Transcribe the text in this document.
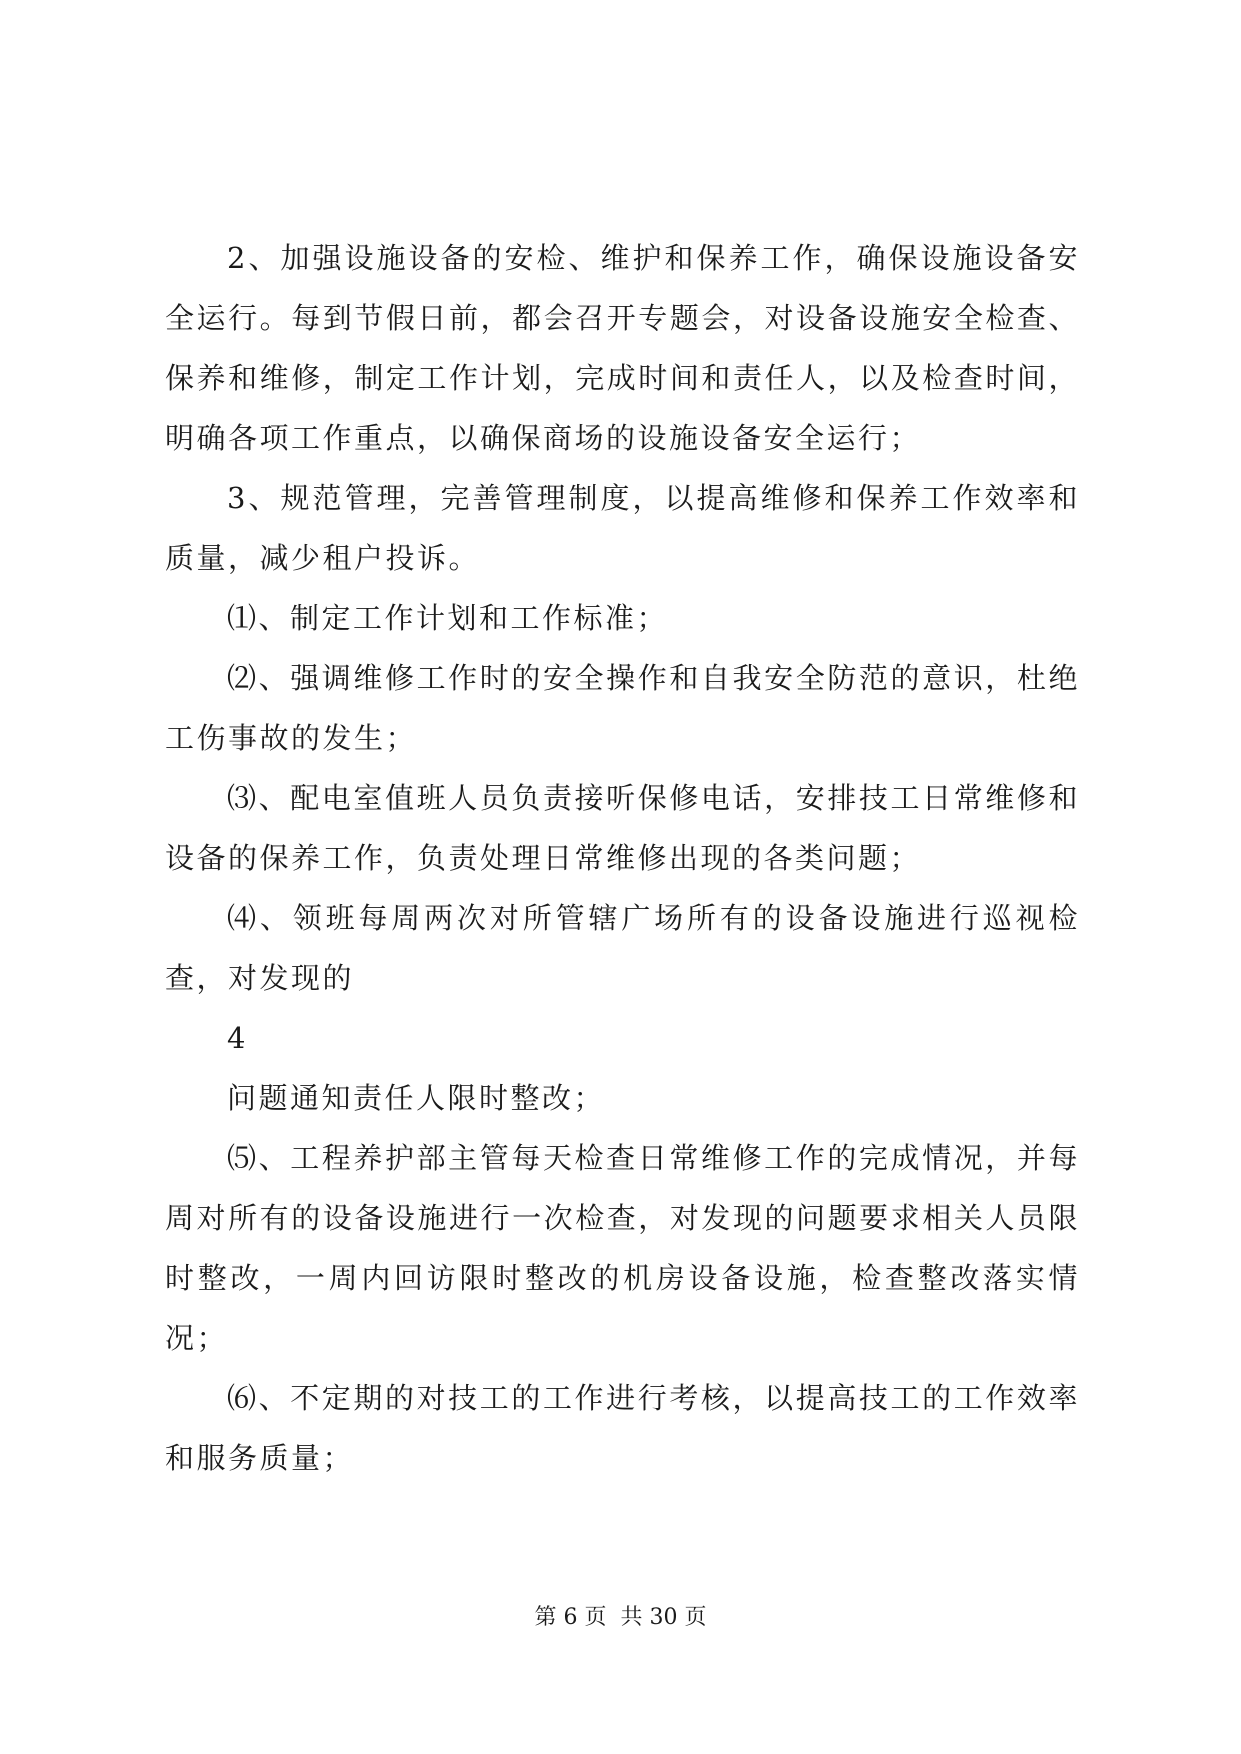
2、加强设施设备的安检、维护和保养工作，确保设施设备安全运行。每到节假日前，都会召开专题会，对设备设施安全检查、保养和维修，制定工作计划，完成时间和责任人，以及检查时间，明确各项工作重点，以确保商场的设施设备安全运行；

3、规范管理，完善管理制度，以提高维修和保养工作效率和质量，减少租户投诉。

⑴、制定工作计划和工作标准；

⑵、强调维修工作时的安全操作和自我安全防范的意识，杜绝工伤事故的发生；

⑶、配电室值班人员负责接听保修电话，安排技工日常维修和设备的保养工作，负责处理日常维修出现的各类问题；

⑷、领班每周两次对所管辖广场所有的设备设施进行巡视检查，对发现的

4

问题通知责任人限时整改；

⑸、工程养护部主管每天检查日常维修工作的完成情况，并每周对所有的设备设施进行一次检查，对发现的问题要求相关人员限时整改，一周内回访限时整改的机房设备设施，检查整改落实情况；

⑹、不定期的对技工的工作进行考核，以提高技工的工作效率和服务质量；

第 6 页  共 30 页
